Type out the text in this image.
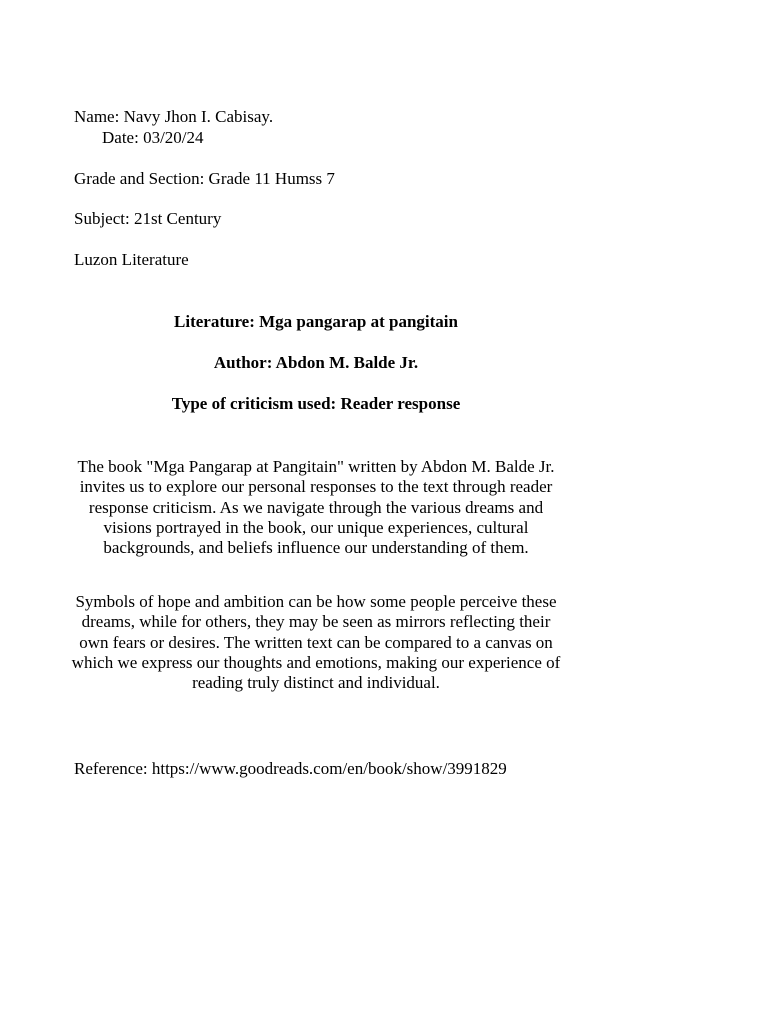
Name: Navy Jhon I. Cabisay.
Date: 03/20/24
Grade and Section: Grade 11 Humss 7
Subject: 21st Century
Luzon Literature
Literature: Mga pangarap at pangitain
Author: Abdon M. Balde Jr.
Type of criticism used: Reader response

The book "Mga Pangarap at Pangitain" written by Abdon M. Balde Jr. invites us to explore our personal responses to the text through reader response criticism. As we navigate through the various dreams and visions portrayed in the book, our unique experiences, cultural backgrounds, and beliefs influence our understanding of them.

Symbols of hope and ambition can be how some people perceive these dreams, while for others, they may be seen as mirrors reflecting their own fears or desires. The written text can be compared to a canvas on which we express our thoughts and emotions, making our experience of reading truly distinct and individual.

Reference: https://www.goodreads.com/en/book/show/3991829
